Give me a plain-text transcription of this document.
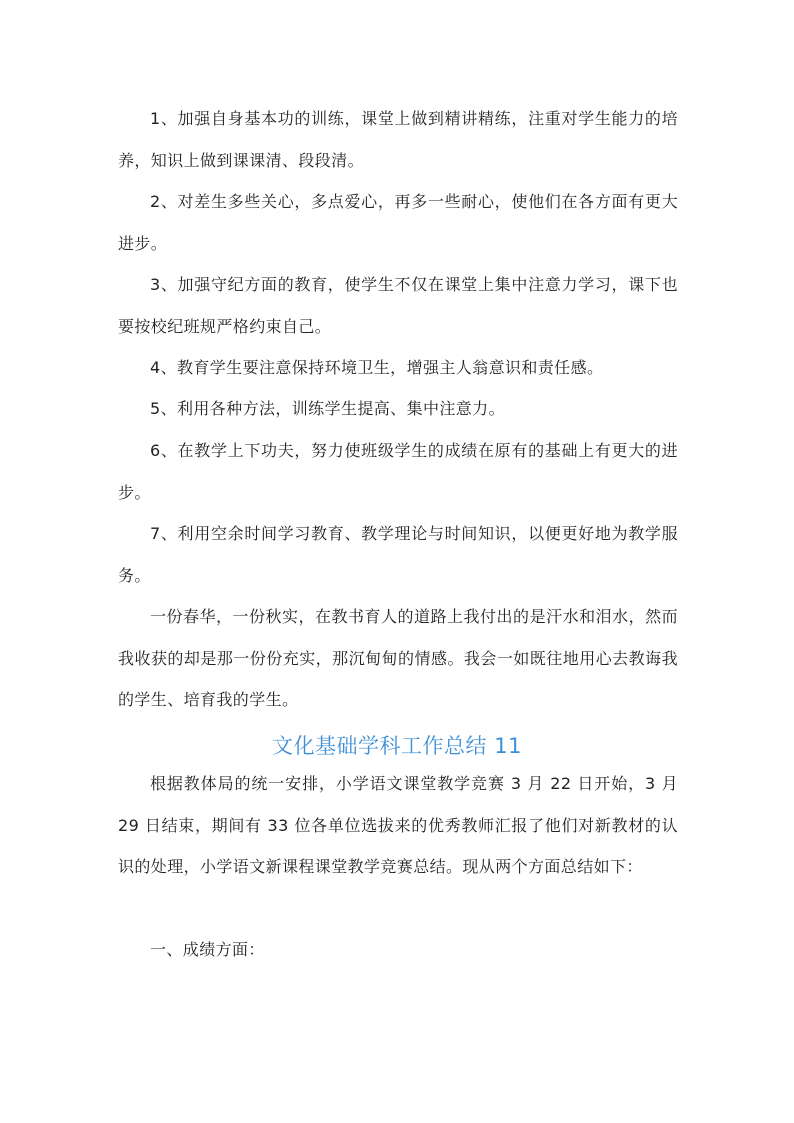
1、加强自身基本功的训练，课堂上做到精讲精练，注重对学生能力的培养，知识上做到课课清、段段清。

2、对差生多些关心，多点爱心，再多一些耐心，使他们在各方面有更大进步。

3、加强守纪方面的教育，使学生不仅在课堂上集中注意力学习，课下也要按校纪班规严格约束自己。

4、教育学生要注意保持环境卫生，增强主人翁意识和责任感。

5、利用各种方法，训练学生提高、集中注意力。

6、在教学上下功夫，努力使班级学生的成绩在原有的基础上有更大的进步。

7、利用空余时间学习教育、教学理论与时间知识，以便更好地为教学服务。

一份春华，一份秋实，在教书育人的道路上我付出的是汗水和泪水，然而我收获的却是那一份份充实，那沉甸甸的情感。我会一如既往地用心去教诲我的学生、培育我的学生。

文化基础学科工作总结 11

根据教体局的统一安排，小学语文课堂教学竞赛 3 月 22 日开始，3 月 29 日结束，期间有 33 位各单位选拔来的优秀教师汇报了他们对新教材的认识的处理，小学语文新课程课堂教学竞赛总结。现从两个方面总结如下：

一、成绩方面：
